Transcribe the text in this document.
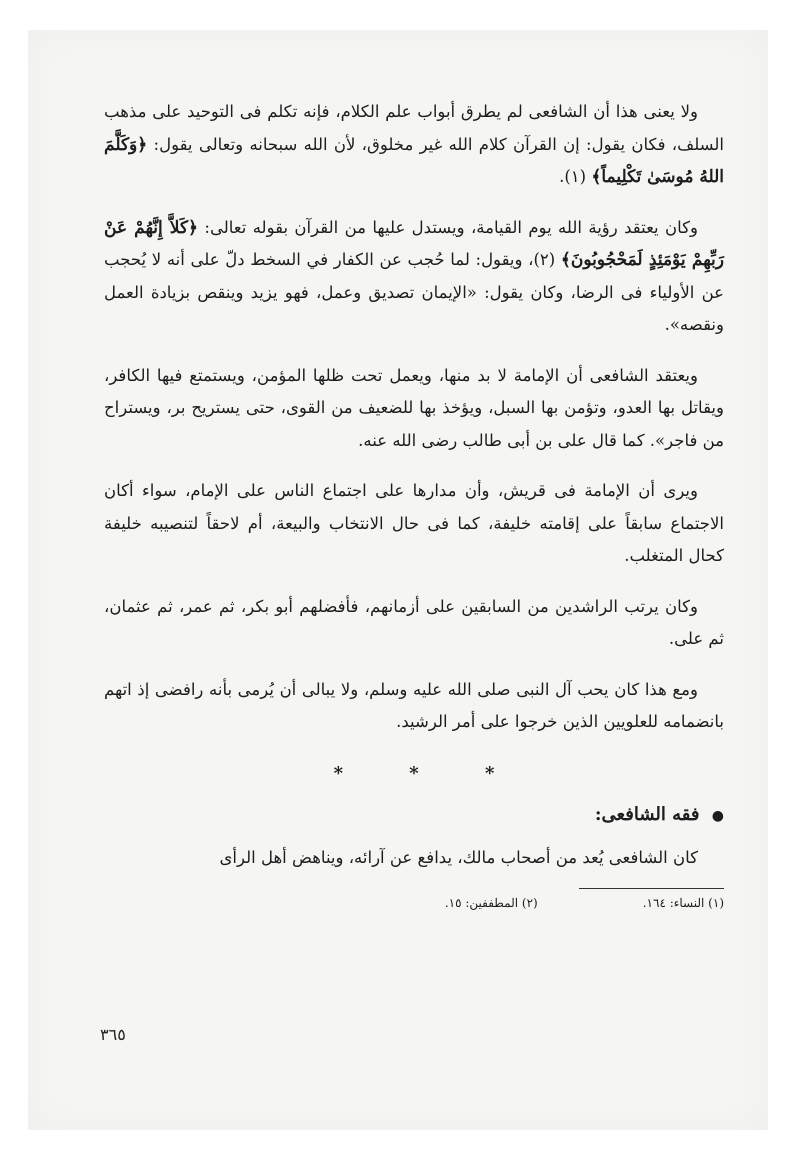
ولا يعنى هذا أن الشافعى لم يطرق أبواب علم الكلام، فإنه تكلم فى التوحيد على مذهب السلف، فكان يقول: إن القرآن كلام الله غير مخلوق، لأن الله سبحانه وتعالى يقول: ﴿وَكَلَّمَ اللهُ مُوسَىٰ تَكْلِيماً﴾ (١).

وكان يعتقد رؤية الله يوم القيامة، ويستدل عليها من القرآن بقوله تعالى: ﴿كَلاَّ إِنَّهُمْ عَنْ رَبِّهِمْ يَوْمَئِذٍ لَمَحْجُوبُونَ﴾ (٢)، ويقول: لما حُجب عن الكفار في السخط دلّ على أنه لا يُحجب عن الأولياء فى الرضا، وكان يقول: «الإيمان تصديق وعمل، فهو يزيد وينقص بزيادة العمل ونقصه».

ويعتقد الشافعى أن الإمامة لا بد منها، ويعمل تحت ظلها المؤمن، ويستمتع فيها الكافر، ويقاتل بها العدو، وتؤمن بها السبل، ويؤخذ بها للضعيف من القوى، حتى يستريح بر، ويستراح من فاجر». كما قال على بن أبى طالب رضى الله عنه.

ويرى أن الإمامة فى قريش، وأن مدارها على اجتماع الناس على الإمام، سواء أكان الاجتماع سابقاً على إقامته خليفة، كما فى حال الانتخاب والبيعة، أم لاحقاً لتنصيبه خليفة كحال المتغلب.

وكان يرتب الراشدين من السابقين على أزمانهم، فأفضلهم أبو بكر، ثم عمر، ثم عثمان، ثم على.

ومع هذا كان يحب آل النبى صلى الله عليه وسلم، ولا يبالى أن يُرمى بأنه رافضى إذ اتهم بانضمامه للعلويين الذين خرجوا على أمر الرشيد.

* * *
● فقه الشافعى:

كان الشافعى يُعد من أصحاب مالك، يدافع عن آرائه، ويناهض أهل الرأى

(١) النساء: ١٦٤.
(٢) المطففين: ١٥.
٣٦٥
